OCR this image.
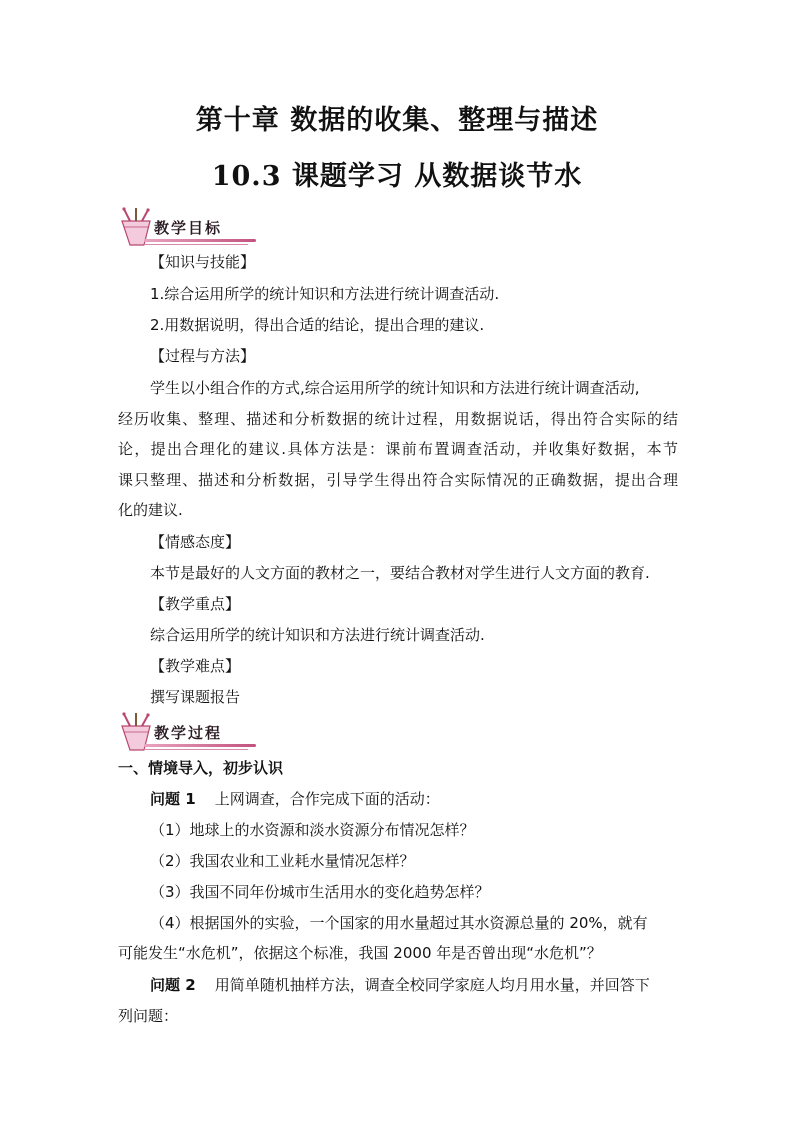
第十章 数据的收集、整理与描述
10.3 课题学习 从数据谈节水
教学目标
【知识与技能】
1.综合运用所学的统计知识和方法进行统计调查活动.
2.用数据说明，得出合适的结论，提出合理的建议.
【过程与方法】
学生以小组合作的方式,综合运用所学的统计知识和方法进行统计调查活动,
经历收集、整理、描述和分析数据的统计过程，用数据说话，得出符合实际的结
论，提出合理化的建议.具体方法是：课前布置调查活动，并收集好数据，本节
课只整理、描述和分析数据，引导学生得出符合实际情况的正确数据，提出合理
化的建议.
【情感态度】
本节是最好的人文方面的教材之一，要结合教材对学生进行人文方面的教育.
【教学重点】
综合运用所学的统计知识和方法进行统计调查活动.
【教学难点】
撰写课题报告
教学过程
一、情境导入，初步认识
问题 1 上网调查，合作完成下面的活动：
（1）地球上的水资源和淡水资源分布情况怎样？
（2）我国农业和工业耗水量情况怎样？
（3）我国不同年份城市生活用水的变化趋势怎样？
（4）根据国外的实验，一个国家的用水量超过其水资源总量的 20%，就有
可能发生“水危机”，依据这个标准，我国 2000 年是否曾出现“水危机”？
问题 2 用简单随机抽样方法，调查全校同学家庭人均月用水量，并回答下
列问题：
